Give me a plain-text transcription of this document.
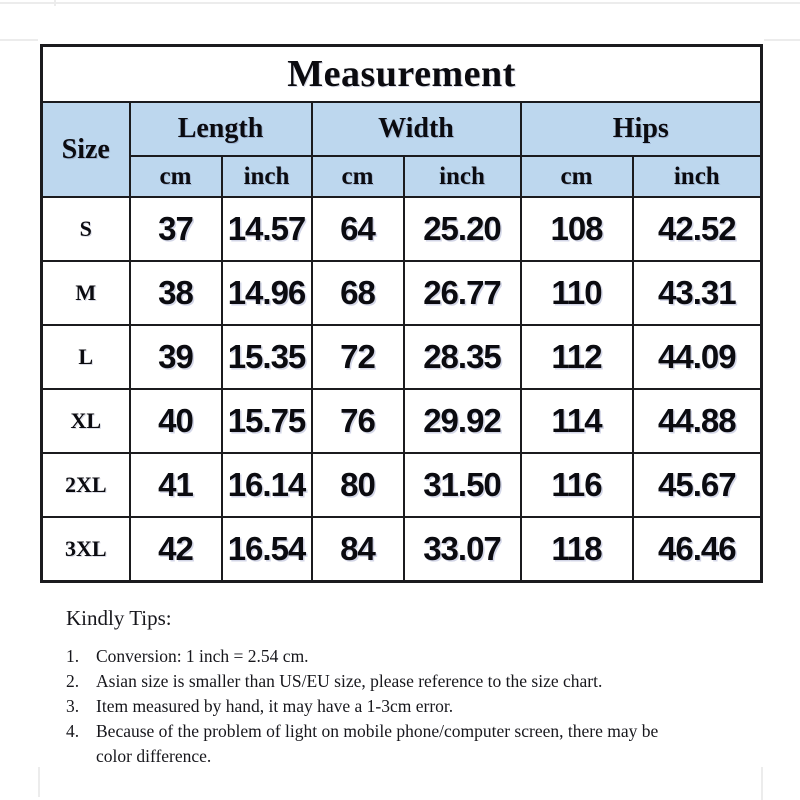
Measurement						
Size	Length		Width		Hips	
	cm	inch	cm	inch	cm	inch
S	37	14.57	64	25.20	108	42.52
M	38	14.96	68	26.77	110	43.31
L	39	15.35	72	28.35	112	44.09
XL	40	15.75	76	29.92	114	44.88
2XL	41	16.14	80	31.50	116	45.67
3XL	42	16.54	84	33.07	118	46.46

Kindly Tips:

1. Conversion: 1 inch = 2.54 cm.
2. Asian size is smaller than US/EU size, please reference to the size chart.
3. Item measured by hand, it may have a 1-3cm error.
4. Because of the problem of light on mobile phone/computer screen, there may be color difference.
